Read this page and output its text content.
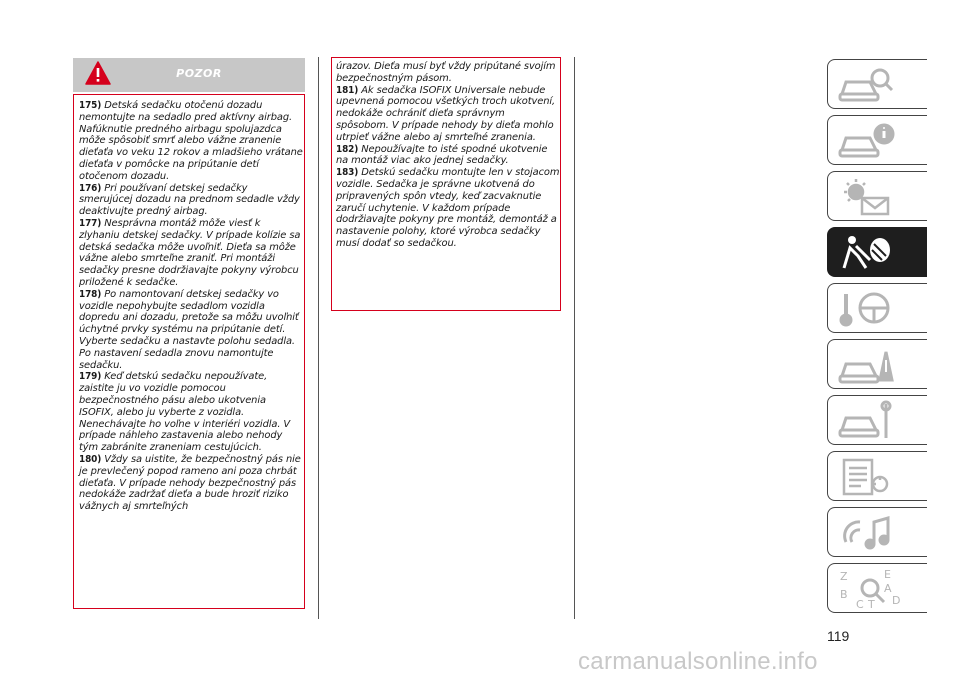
POZOR

175) Detská sedačku otočenú dozadu nemontujte na sedadlo pred aktívny airbag. Nafúknutie predného airbagu spolujazdca môže spôsobiť smrť alebo vážne zranenie dieťaťa vo veku 12 rokov a mladšieho vrátane dieťaťa v pomôcke na pripútanie detí otočenom dozadu.

176) Pri používaní detskej sedačky smerujúcej dozadu na prednom sedadle vždy deaktivujte predný airbag.

177) Nesprávna montáž môže viesť k zlyhaniu detskej sedačky. V prípade kolízie sa detská sedačka môže uvoľniť. Dieťa sa môže vážne alebo smrteľne zraniť. Pri montáži sedačky presne dodržiavajte pokyny výrobcu priložené k sedačke.

178) Po namontovaní detskej sedačky vo vozidle nepohybujte sedadlom vozidla dopredu ani dozadu, pretože sa môžu uvoľniť úchytné prvky systému na pripútanie detí. Vyberte sedačku a nastavte polohu sedadla. Po nastavení sedadla znovu namontujte sedačku.

179) Keď detskú sedačku nepoužívate, zaistite ju vo vozidle pomocou bezpečnostného pásu alebo ukotvenia ISOFIX, alebo ju vyberte z vozidla. Nenechávajte ho voľne v interiéri vozidla. V prípade náhleho zastavenia alebo nehody tým zabránite zraneniam cestujúcich.

180) Vždy sa uistite, že bezpečnostný pás nie je prevlečený popod rameno ani poza chrbát dieťaťa. V prípade nehody bezpečnostný pás nedokáže zadržať dieťa a bude hroziť riziko vážnych aj smrteľných

úrazov. Dieťa musí byť vždy pripútané svojím bezpečnostným pásom.

181) Ak sedačka ISOFIX Universale nebude upevnená pomocou všetkých troch ukotvení, nedokáže ochrániť dieťa správnym spôsobom. V prípade nehody by dieťa mohlo utrpieť vážne alebo aj smrteľné zranenia.

182) Nepoužívajte to isté spodné ukotvenie na montáž viac ako jednej sedačky.

183) Detskú sedačku montujte len v stojacom vozidle. Sedačka je správne ukotvená do pripravených spôn vtedy, keď zacvaknutie zaručí uchytenie. V každom prípade dodržiavajte pokyny pre montáž, demontáž a nastavenie polohy, ktoré výrobca sedačky musí dodať so sedačkou.

Z	E
B	A
C T D
119
carmanualsonline.info
